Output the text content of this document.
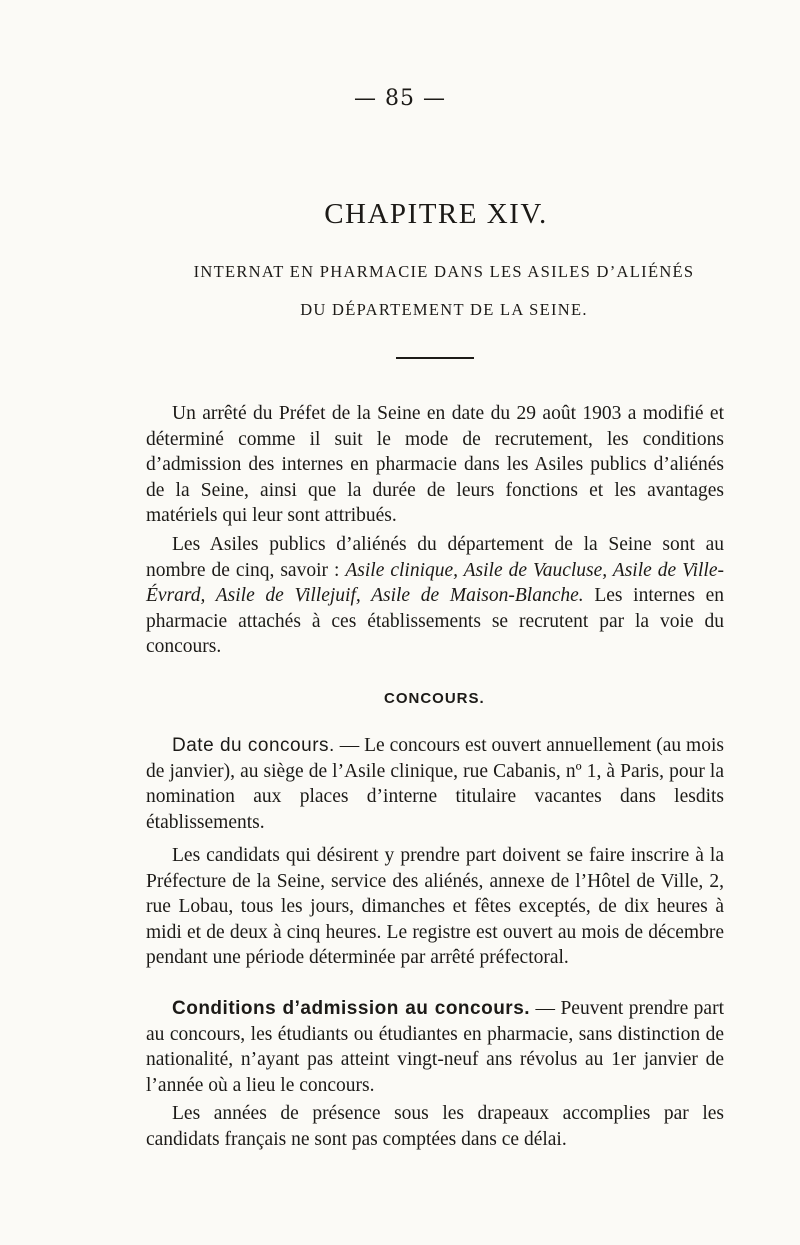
— 85 —
CHAPITRE XIV.
INTERNAT EN PHARMACIE DANS LES ASILES D’ALIÉNÉS
DU DÉPARTEMENT DE LA SEINE.

Un arrêté du Préfet de la Seine en date du 29 août 1903 a modifié et déterminé comme il suit le mode de recrutement, les conditions d’admission des internes en pharmacie dans les Asiles publics d’aliénés de la Seine, ainsi que la durée de leurs fonctions et les avantages matériels qui leur sont attribués.

Les Asiles publics d’aliénés du département de la Seine sont au nombre de cinq, savoir : Asile clinique, Asile de Vaucluse, Asile de Ville-Évrard, Asile de Villejuif, Asile de Maison-Blanche. Les internes en pharmacie attachés à ces établissements se recrutent par la voie du concours.

CONCOURS.

Date du concours. — Le concours est ouvert annuellement (au mois de janvier), au siège de l’Asile clinique, rue Cabanis, nº 1, à Paris, pour la nomination aux places d’interne titulaire vacantes dans lesdits établissements.

Les candidats qui désirent y prendre part doivent se faire inscrire à la Préfecture de la Seine, service des aliénés, annexe de l’Hôtel de Ville, 2, rue Lobau, tous les jours, dimanches et fêtes exceptés, de dix heures à midi et de deux à cinq heures. Le registre est ouvert au mois de décembre pendant une période déterminée par arrêté préfectoral.

Conditions d’admission au concours. — Peuvent prendre part au concours, les étudiants ou étudiantes en pharmacie, sans distinction de nationalité, n’ayant pas atteint vingt-neuf ans révolus au 1er janvier de l’année où a lieu le concours.

Les années de présence sous les drapeaux accomplies par les candidats français ne sont pas comptées dans ce délai.
